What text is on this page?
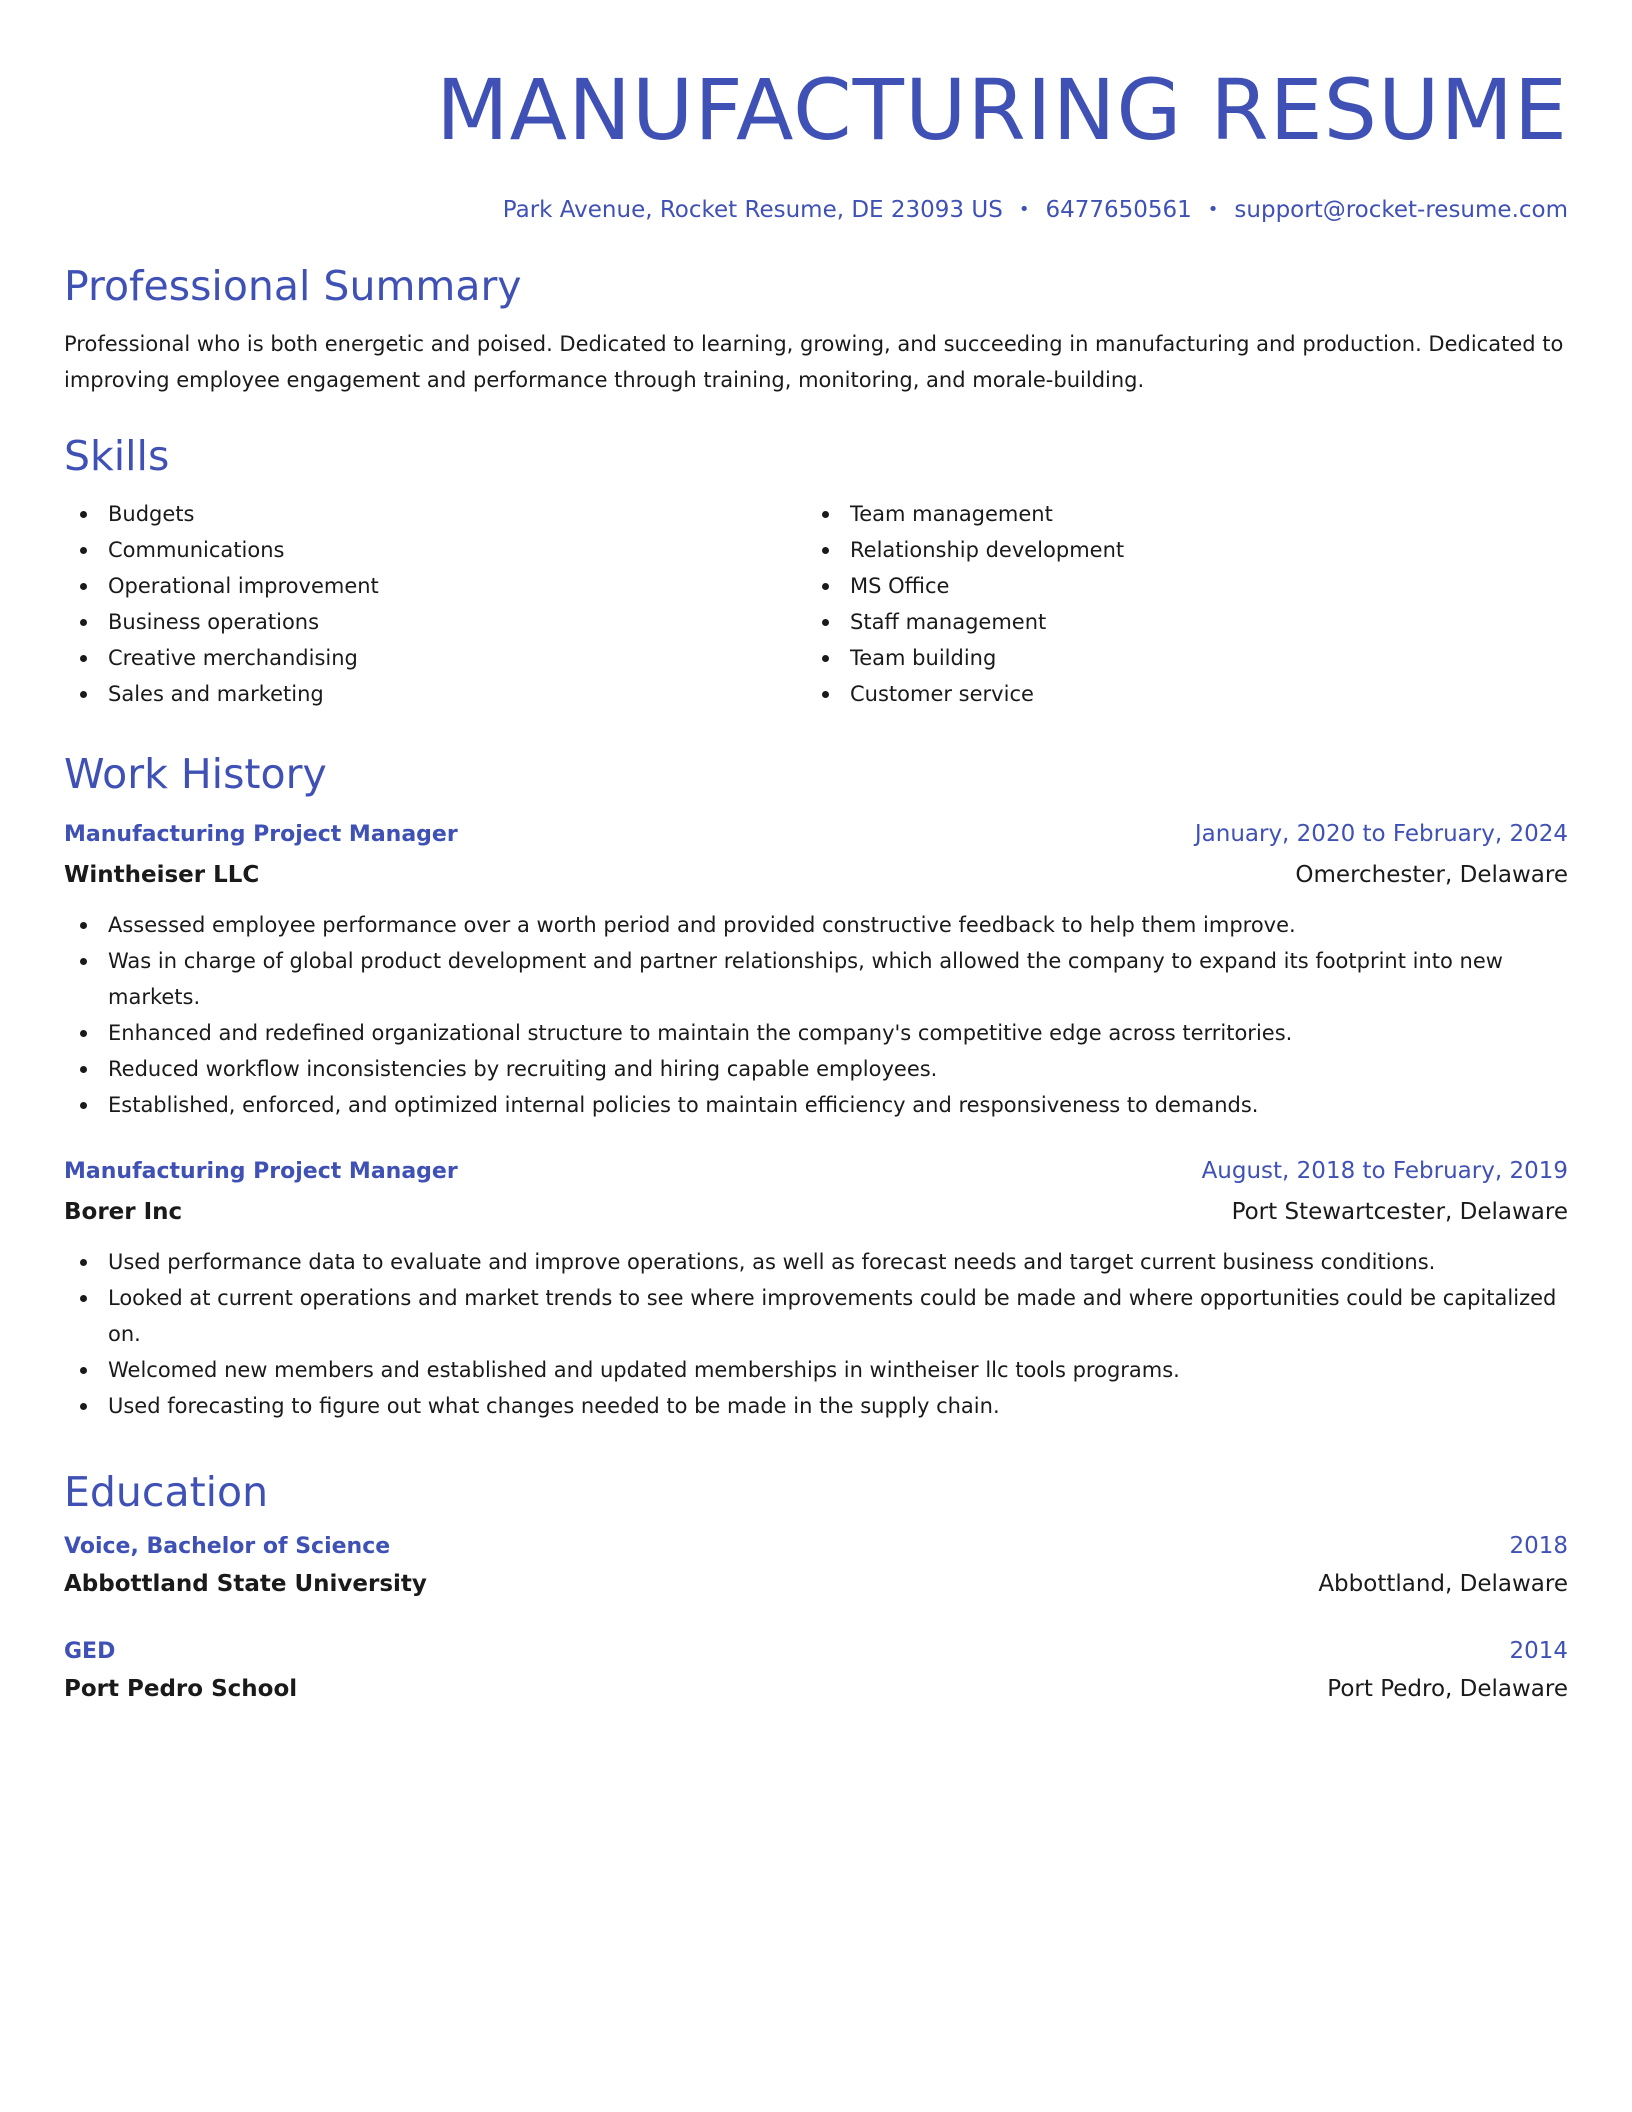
MANUFACTURING RESUME
Park Avenue, Rocket Resume, DE 23093 US • 6477650561 • support@rocket-resume.com
Professional Summary

Professional who is both energetic and poised. Dedicated to learning, growing, and succeeding in manufacturing and production. Dedicated to improving employee engagement and performance through training, monitoring, and morale-building.

Skills
Budgets
Communications
Operational improvement
Business operations
Creative merchandising
Sales and marketing
Team management
Relationship development
MS Office
Staff management
Team building
Customer service
Work History
Manufacturing Project Manager	January, 2020 to February, 2024
Wintheiser LLC	Omerchester, Delaware
Assessed employee performance over a worth period and provided constructive feedback to help them improve.
Was in charge of global product development and partner relationships, which allowed the company to expand its footprint into new markets.
Enhanced and redefined organizational structure to maintain the company's competitive edge across territories.
Reduced workflow inconsistencies by recruiting and hiring capable employees.
Established, enforced, and optimized internal policies to maintain efficiency and responsiveness to demands.
Manufacturing Project Manager	August, 2018 to February, 2019
Borer Inc	Port Stewartcester, Delaware
Used performance data to evaluate and improve operations, as well as forecast needs and target current business conditions.
Looked at current operations and market trends to see where improvements could be made and where opportunities could be capitalized on.
Welcomed new members and established and updated memberships in wintheiser llc tools programs.
Used forecasting to figure out what changes needed to be made in the supply chain.
Education
Voice, Bachelor of Science	2018
Abbottland State University	Abbottland, Delaware
GED	2014
Port Pedro School	Port Pedro, Delaware
